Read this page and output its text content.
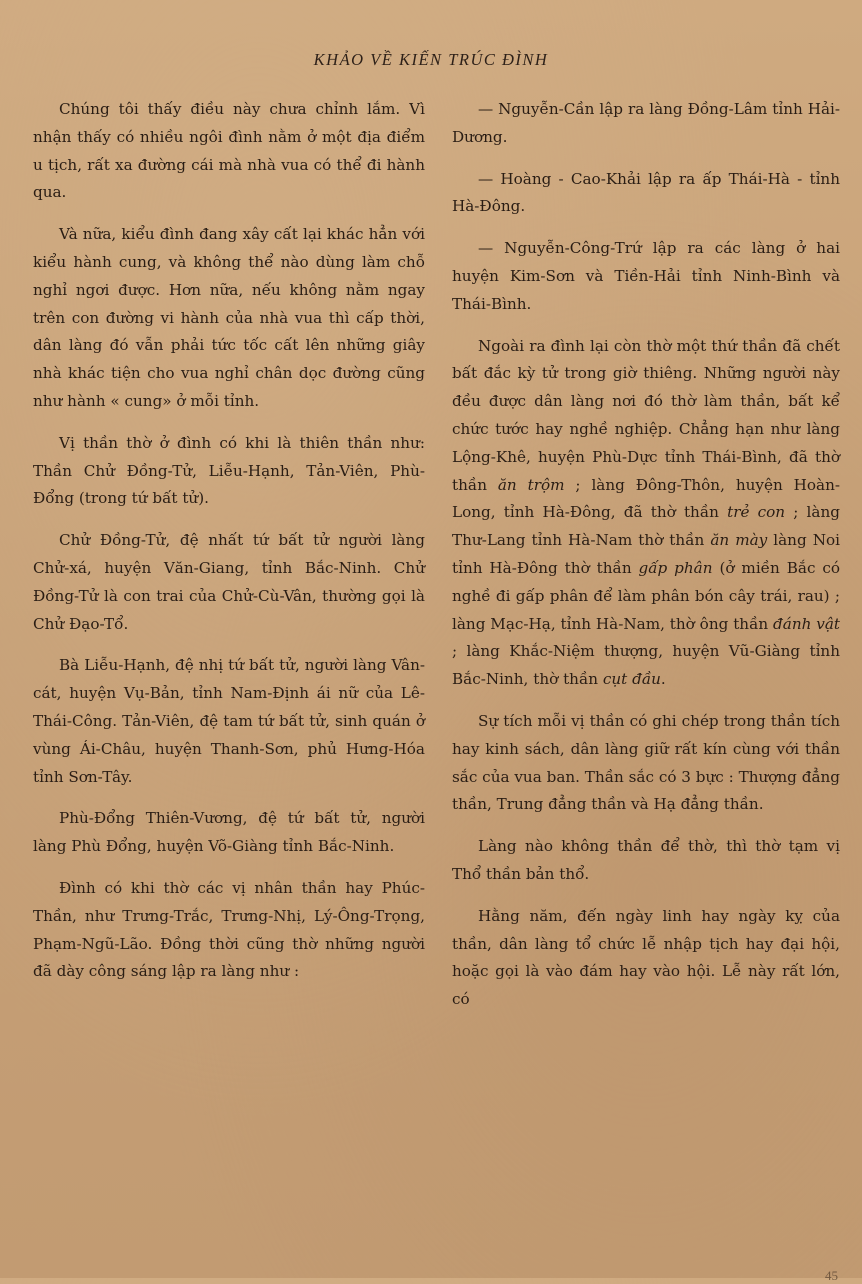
KHẢO VỀ KIẾN TRÚC ĐÌNH

Chúng tôi thấy điều này chưa chỉnh lắm. Vì nhận thấy có nhiều ngôi đình nằm ở một địa điểm u tịch, rất xa đường cái mà nhà vua có thể đi hành qua.

Và nữa, kiểu đình đang xây cất lại khác hẳn với kiểu hành cung, và không thể nào dùng làm chỗ nghỉ ngơi được. Hơn nữa, nếu không nằm ngay trên con đường vi hành của nhà vua thì cấp thời, dân làng đó vẫn phải tức tốc cất lên những giây nhà khác tiện cho vua nghỉ chân dọc đường cũng như hành « cung» ở mỗi tỉnh.

Vị thần thờ ở đình có khi là thiên thần như: Thần Chử Đồng-Tử, Liễu-Hạnh, Tản-Viên, Phù-Đổng (trong tứ bất tử).

Chử Đồng-Tử, đệ nhất tứ bất tử người làng Chử-xá, huyện Văn-Giang, tỉnh Bắc-Ninh. Chử Đồng-Tử là con trai của Chử-Cù-Vân, thường gọi là Chử Đạo-Tổ.

Bà Liễu-Hạnh, đệ nhị tứ bất tử, người làng Vân-cát, huyện Vụ-Bản, tỉnh Nam-Định ái nữ của Lê-Thái-Công. Tản-Viên, đệ tam tứ bất tử, sinh quán ở vùng Ái-Châu, huyện Thanh-Sơn, phủ Hưng-Hóa tỉnh Sơn-Tây.

Phù-Đổng Thiên-Vương, đệ tứ bất tử, người làng Phù Đổng, huyện Võ-Giàng tỉnh Bắc-Ninh.

Đình có khi thờ các vị nhân thần hay Phúc-Thần, như Trưng-Trắc, Trưng-Nhị, Lý-Ông-Trọng, Phạm-Ngũ-Lão. Đồng thời cũng thờ những người đã dày công sáng lập ra làng như :

— Nguyễn-Cần lập ra làng Đồng-Lâm tỉnh Hải-Dương.

— Hoàng - Cao-Khải lập ra ấp Thái-Hà - tỉnh Hà-Đông.

— Nguyễn-Công-Trứ lập ra các làng ở hai huyện Kim-Sơn và Tiền-Hải tỉnh Ninh-Bình và Thái-Bình.

Ngoài ra đình lại còn thờ một thứ thần đã chết bất đắc kỳ tử trong giờ thiêng. Những người này đều được dân làng nơi đó thờ làm thần, bất kể chức tước hay nghề nghiệp. Chẳng hạn như làng Lộng-Khê, huyện Phù-Dực tỉnh Thái-Bình, đã thờ thần ăn trộm ; làng Đông-Thôn, huyện Hoàn-Long, tỉnh Hà-Đông, đã thờ thần trẻ con ; làng Thư-Lang tỉnh Hà-Nam thờ thần ăn mày làng Noi tỉnh Hà-Đông thờ thần gấp phân (ở miền Bắc có nghề đi gấp phân để làm phân bón cây trái, rau) ; làng Mạc-Hạ, tỉnh Hà-Nam, thờ ông thần đánh vật ; làng Khắc-Niệm thượng, huyện Vũ-Giàng tỉnh Bắc-Ninh, thờ thần cụt đầu.

Sự tích mỗi vị thần có ghi chép trong thần tích hay kinh sách, dân làng giữ rất kín cùng với thần sắc của vua ban. Thần sắc có 3 bực : Thượng đẳng thần, Trung đẳng thần và Hạ đẳng thần.

Làng nào không thần để thờ, thì thờ tạm vị Thổ thần bản thổ.

Hằng năm, đến ngày linh hay ngày kỵ của thần, dân làng tổ chức lễ nhập tịch hay đại hội, hoặc gọi là vào đám hay vào hội. Lễ này rất lớn, có

45
